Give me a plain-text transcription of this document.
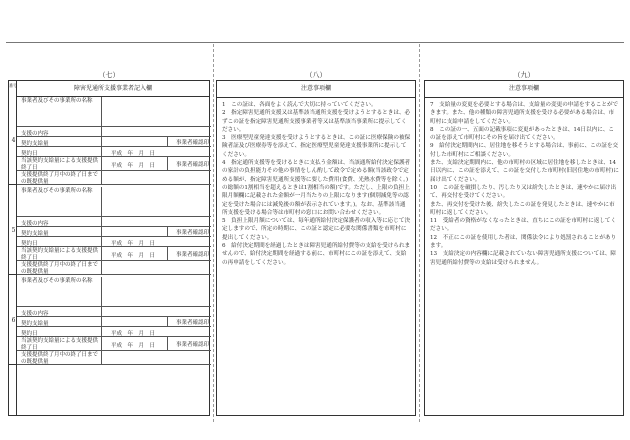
（七）	（八）	（九）
番号	障害児通所支援事業者記入欄
4
事業者及びその事業所の名称
支援の内容
契約支給量	事業者確認印
契約日	平成　年　月　日
当該契約支給量による支援提供終了日	平成　年　月　日	事業者確認印
支援提供終了月中の終了日までの既提供量
5
事業者及びその事業所の名称
支援の内容
契約支給量	事業者確認印
契約日	平成　年　月　日
当該契約支給量による支援提供終了日	平成　年　月　日	事業者確認印
支援提供終了月中の終了日までの既提供量
6
事業者及びその事業所の名称
支援の内容
契約支給量	事業者確認印
契約日	平成　年　月　日
当該契約支給量による支援提供終了日	平成　年　月　日	事業者確認印
支援提供終了月中の終了日までの既提供量
注意事項欄

1　この証は、各面をよく読んで大切に持っていてください。

2　指定障害児通所支援又は基準該当通所支援を受けようとするときは、必ずこの証を指定障害児通所支援事業者等又は基準該当事業所に提示してください。

3　医療型児童発達支援を受けようとするときは、この証に医療保険の被保険者証及び医療券等を添えて、指定医療型児童発達支援事業所に提示してください。

4　指定通所支援等を受けるときに支払う金額は、当該通所給付決定保護者の家計の負担能力その他の事情をしん酌して政令で定める額(当該政令で定める額が、指定障害児通所支援等に要した費用(食費、光熱水費等を除く。)の総額の1割相当を超えるときは1割相当の額)です。ただし、上限の負担上限月額欄に記載された金額が一月当たりの上限になります(個別減免等の認定を受けた場合には減免後の額が表示されています。)。なお、基準該当通所支援を受ける場合等は市町村の窓口にお問い合わせください。

5　負担上限月額については、毎年通所給付決定保護者の収入等に応じて決定しますので、所定の時期に、この証と認定に必要な関係書類を市町村に提出してください。

6　給付決定期間を経過したときは障害児通所給付費等の支給を受けられませんので、給付決定期間を経過する前に、市町村にこの証を添えて、支給の再申請をしてください。

注意事項欄

7　支給量の変更を必要とする場合は、支給量の変更の申請をすることができます。また、他の種類の障害児通所支援を受ける必要がある場合は、市町村に支給申請をしてください。

8　この証の一、五面の記載事項に変更があったときは、14日以内に、この証を添えて市町村にその旨を届け出てください。

9　給付決定期間内に、居住地を移そうとする場合は、事前に、この証を交付した市町村にご相談ください。

また、支給決定期間内に、他の市町村の区域に居住地を移したときは、14日以内に、この証を添えて、この証を交付した市町村(旧居住地の市町村)に届け出てください。

10　この証を破損したり、汚したり又は紛失したときは、速やかに届け出て、再交付を受けてください。

また、再交付を受けた後、紛失したこの証を発見したときは、速やかに市町村に返してください。

11　受給者の資格がなくなったときは、直ちにこの証を市町村に返してください。

12　不正にこの証を使用した者は、関係法令により処罰されることがあります。

13　支給決定の内容欄に記載されていない障害児通所支援については、障害児通所給付費等の支給は受けられません。
